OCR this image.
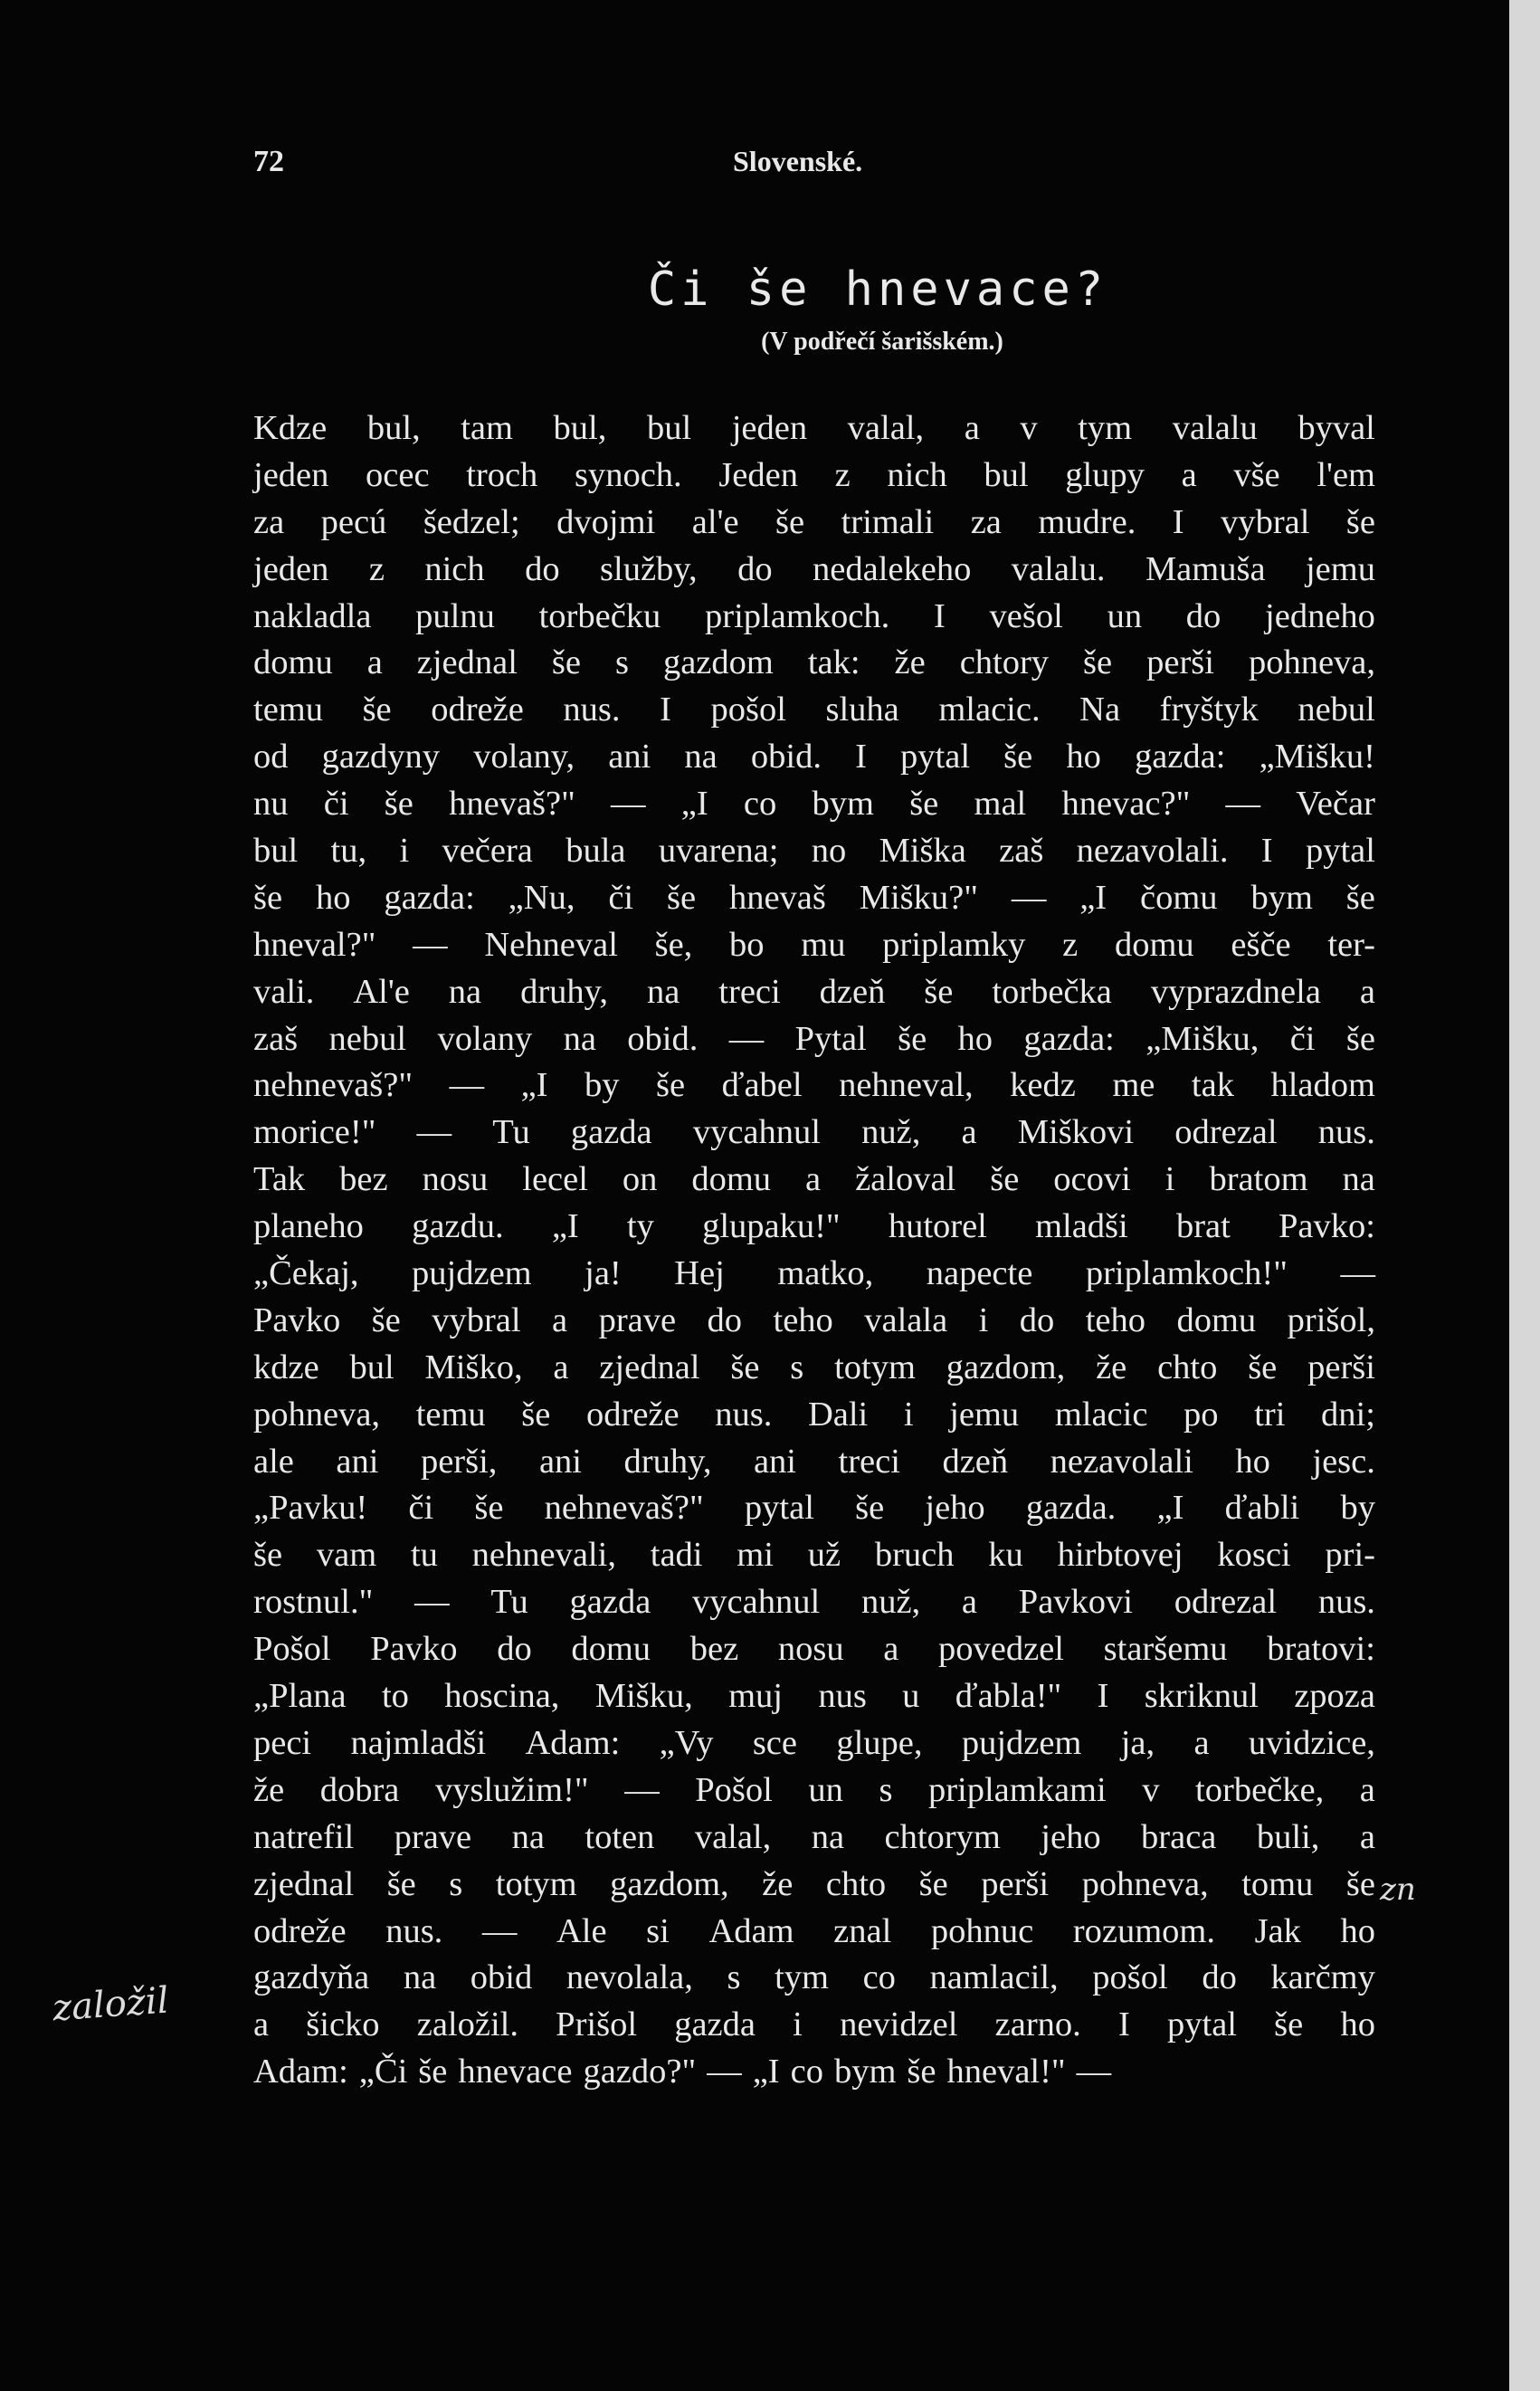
72	Slovenské.
Či še hnevace?
(V podřečí šarišském.)
Kdze bul, tam bul, bul jeden valal, a v tym valalu byval
jeden ocec troch synoch. Jeden z nich bul glupy a vše l'em
za pecú šedzel; dvojmi al'e še trimali za mudre. I vybral še
jeden z nich do služby, do nedalekeho valalu. Mamuša jemu
nakladla pulnu torbečku priplamkoch. I vešol un do jedneho
domu a zjednal še s gazdom tak: že chtory še perši pohneva,
temu še odreže nus. I pošol sluha mlacic. Na fryštyk nebul
od gazdyny volany, ani na obid. I pytal še ho gazda: „Mišku!
nu či še hnevaš?" — „I co bym še mal hnevac?" — Večar
bul tu, i večera bula uvarena; no Miška zaš nezavolali. I pytal
še ho gazda: „Nu, či še hnevaš Mišku?" — „I čomu bym še
hneval?" — Nehneval še, bo mu priplamky z domu ešče ter-
vali. Al'e na druhy, na treci dzeň še torbečka vyprazdnela a
zaš nebul volany na obid. — Pytal še ho gazda: „Mišku, či še
nehnevaš?" — „I by še ďabel nehneval, kedz me tak hladom
morice!" — Tu gazda vycahnul nuž, a Miškovi odrezal nus.
Tak bez nosu lecel on domu a žaloval še ocovi i bratom na
planeho gazdu. „I ty glupaku!" hutorel mladši brat Pavko:
„Čekaj, pujdzem ja! Hej matko, napecte priplamkoch!" —
Pavko še vybral a prave do teho valala i do teho domu prišol,
kdze bul Miško, a zjednal še s totym gazdom, že chto še perši
pohneva, temu še odreže nus. Dali i jemu mlacic po tri dni;
ale ani perši, ani druhy, ani treci dzeň nezavolali ho jesc.
„Pavku! či še nehnevaš?" pytal še jeho gazda. „I ďabli by
še vam tu nehnevali, tadi mi už bruch ku hirbtovej kosci pri-
rostnul." — Tu gazda vycahnul nuž, a Pavkovi odrezal nus.
Pošol Pavko do domu bez nosu a povedzel staršemu bratovi:
„Plana to hoscina, Mišku, muj nus u ďabla!" I skriknul zpoza
peci najmladši Adam: „Vy sce glupe, pujdzem ja, a uvidzice,
že dobra vyslužim!" — Pošol un s priplamkami v torbečke, a
natrefil prave na toten valal, na chtorym jeho braca buli, a
zjednal še s totym gazdom, že chto še perši pohneva, tomu še
odreže nus. — Ale si Adam znal pohnuc rozumom. Jak ho
gazdyňa na obid nevolala, s tym co namlacil, pošol do karčmy
a šicko založil. Prišol gazda i nevidzel zarno. I pytal še ho
Adam: „Či še hnevace gazdo?" — „I co bym še hneval!" —
založil
zn
